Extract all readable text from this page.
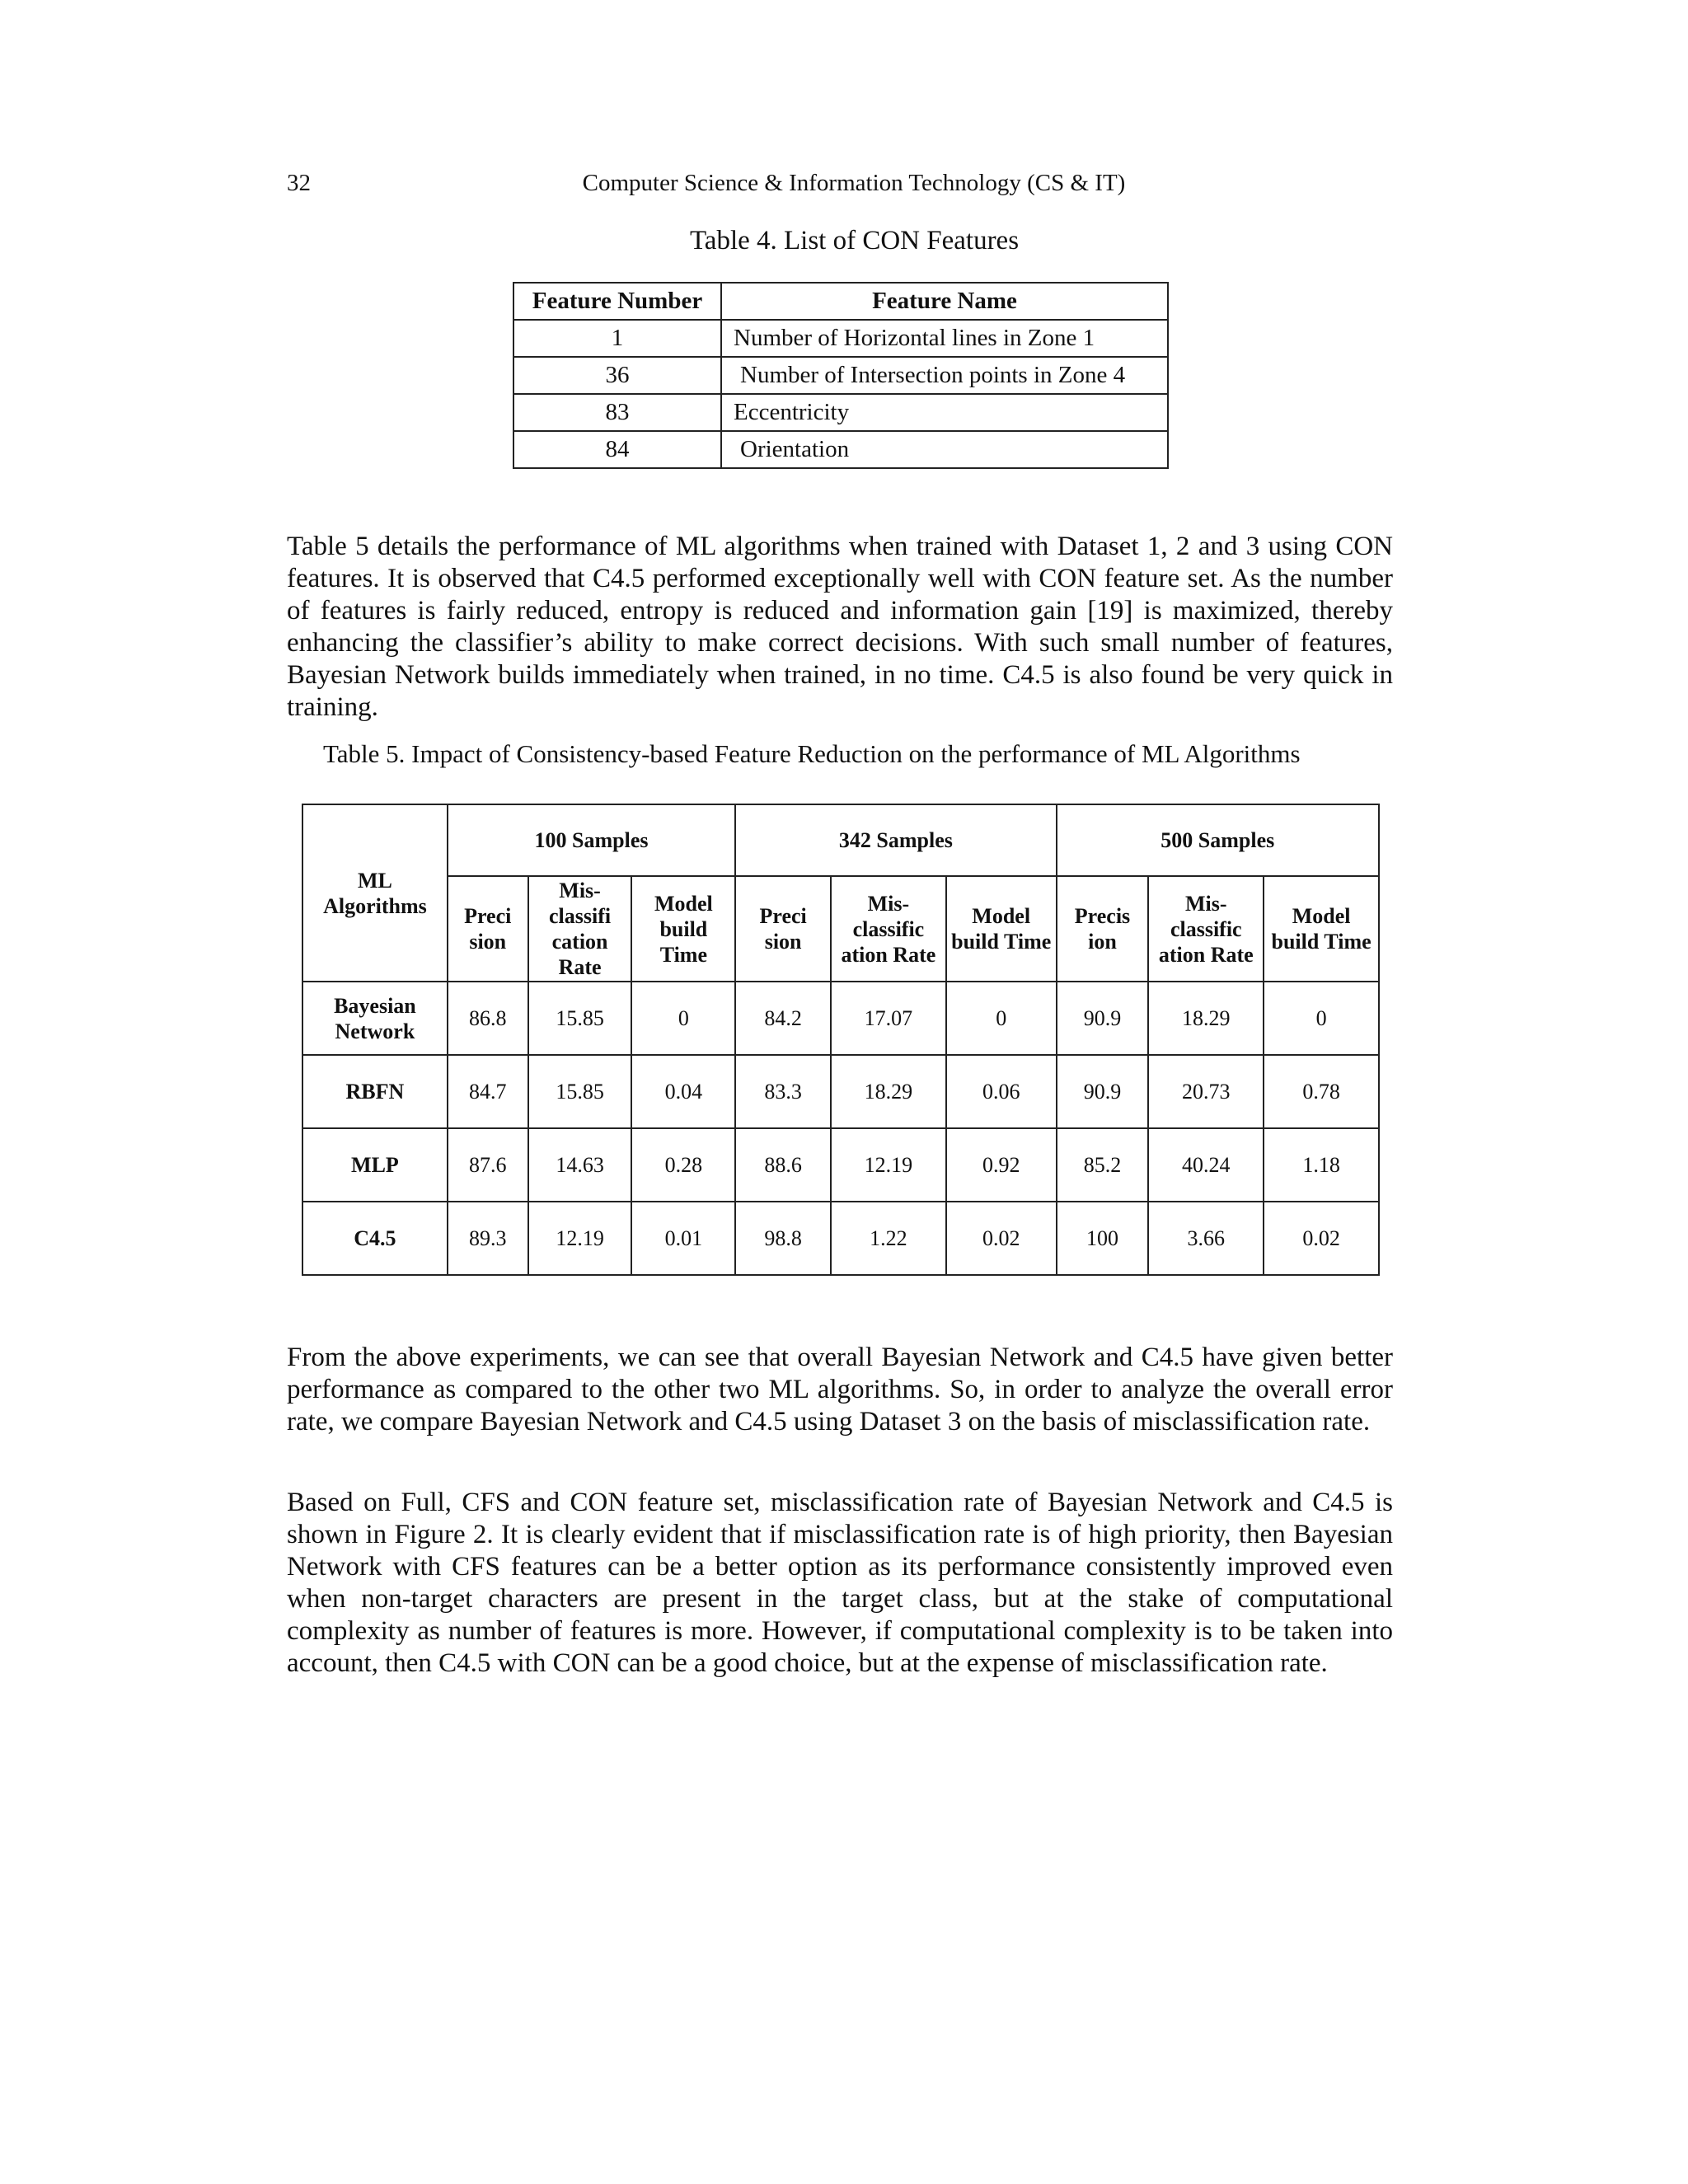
32	Computer Science & Information Technology (CS & IT)
Table 4. List of CON Features
Feature Number	Feature Name
1	Number of Horizontal lines in Zone 1
36	Number of Intersection points in Zone 4
83	Eccentricity
84	Orientation
Table 5 details the performance of ML algorithms when trained with Dataset 1, 2 and 3 using CON features. It is observed that C4.5 performed exceptionally well with CON feature set. As the number of features is fairly reduced, entropy is reduced and information gain [19] is maximized, thereby enhancing the classifier’s ability to make correct decisions. With such small number of features, Bayesian Network builds immediately when trained, in no time. C4.5 is also found be very quick in training.
Table 5. Impact of Consistency-based Feature Reduction on the performance of ML Algorithms
ML Algorithms	100 Samples			342 Samples			500 Samples		
	Preci sion	Mis- classifi cation Rate	Model build Time	Preci sion	Mis- classific ation Rate	Model build Time	Precis ion	Mis- classific ation Rate	Model build Time
Bayesian Network	86.8	15.85	0	84.2	17.07	0	90.9	18.29	0
RBFN	84.7	15.85	0.04	83.3	18.29	0.06	90.9	20.73	0.78
MLP	87.6	14.63	0.28	88.6	12.19	0.92	85.2	40.24	1.18
C4.5	89.3	12.19	0.01	98.8	1.22	0.02	100	3.66	0.02
From the above experiments, we can see that overall Bayesian Network and C4.5 have given better performance as compared to the other two ML algorithms. So, in order to analyze the overall error rate, we compare Bayesian Network and C4.5 using Dataset 3 on the basis of misclassification rate.
Based on Full, CFS and CON feature set, misclassification rate of Bayesian Network and C4.5 is shown in Figure 2. It is clearly evident that if misclassification rate is of high priority, then Bayesian Network with CFS features can be a better option as its performance consistently improved even when non-target characters are present in the target class, but at the stake of computational complexity as number of features is more. However, if computational complexity is to be taken into account, then C4.5 with CON can be a good choice, but at the expense of misclassification rate.
